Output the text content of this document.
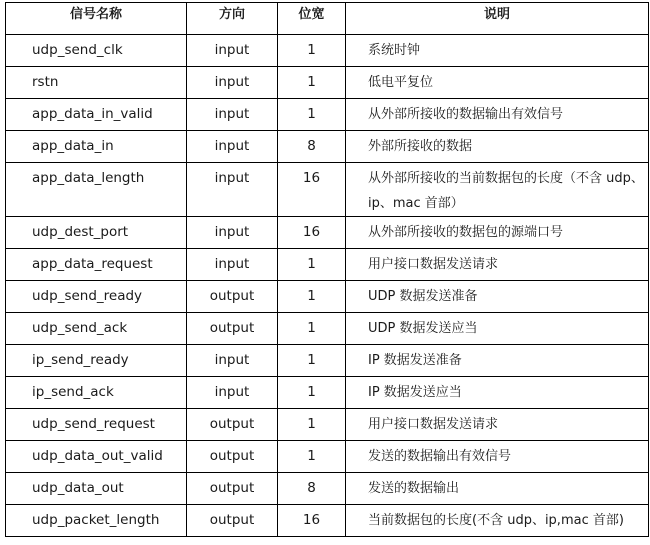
信号名称	方向	位宽	说明

udp_send_clk	input	1	系统时钟

rstn	input	1	低电平复位

app_data_in_valid	input	1	从外部所接收的数据输出有效信号

app_data_in	input	8	外部所接收的数据

app_data_length	input	16	从外部所接收的当前数据包的长度（不含 udp、ip、mac 首部）

udp_dest_port	input	16	从外部所接收的数据包的源端口号

app_data_request	input	1	用户接口数据发送请求

udp_send_ready	output	1	UDP 数据发送准备

udp_send_ack	output	1	UDP 数据发送应当

ip_send_ready	input	1	IP 数据发送准备

ip_send_ack	input	1	IP 数据发送应当

udp_send_request	output	1	用户接口数据发送请求

udp_data_out_valid	output	1	发送的数据输出有效信号

udp_data_out	output	8	发送的数据输出

udp_packet_length	output	16	当前数据包的长度(不含 udp、ip,mac 首部)
